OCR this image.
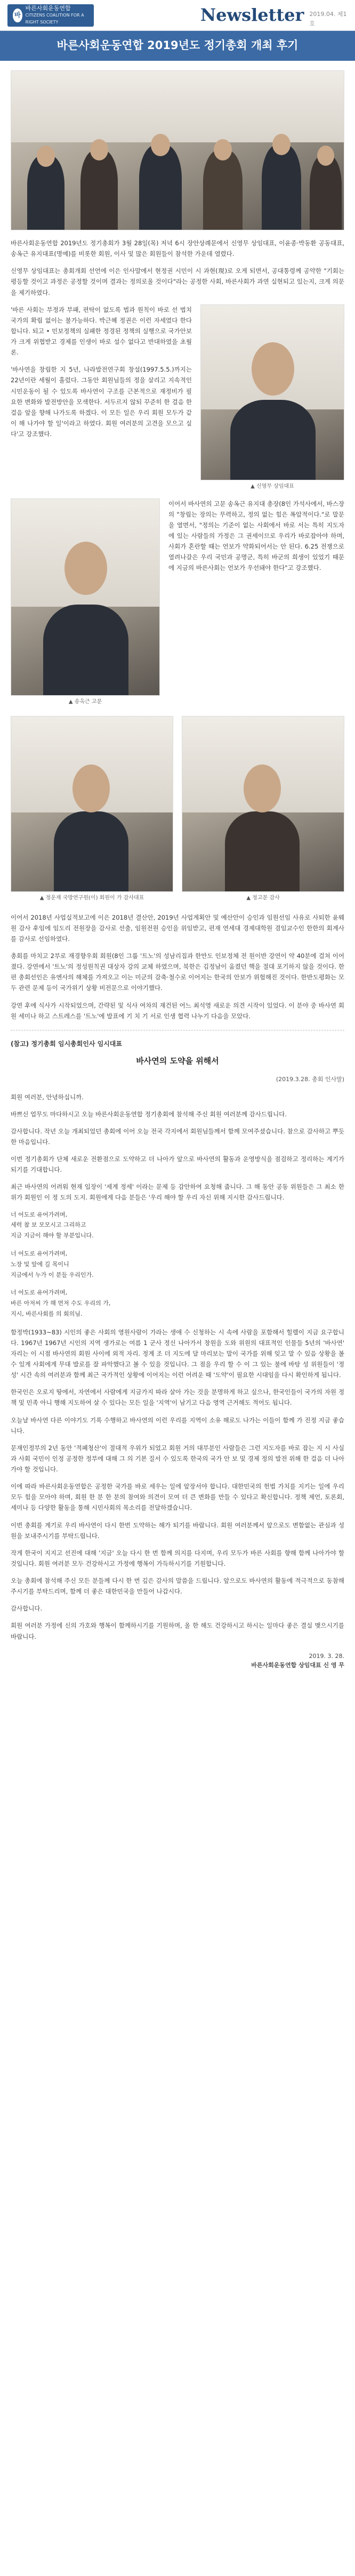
바
바른사회운동연합
CITIZENS COALITION FOR A RIGHT SOCIETY	Newsletter 2019.04. 제1호
바른사회운동연합 2019년도 정기총회 개최 후기

바른사회운동연합 2019년도 정기총회가 3월 28일(목) 저녁 6시 장안상례문에서 신영무 상임대표, 이윤종·박동환 공동대표, 송옥근 유지대표(명예)를 비롯한 회원, 이사 및 많은 회원들이 참석한 가운데 열렸다.

신영무 상임대표는 총회개회 선언에 이은 인사말에서 현정권 시민이 시 과현(現)로 오게 되면서, 공대통령께 공약한 "기회는 평등할 것이고 과정은 공정할 것이며 결과는 정의로울 것이다"라는 공정한 사회, 바른사회가 과연 실현되고 있는지, 크게 의문을 제기하였다.

'바른 사회는 부정과 부패, 편탁이 없도록 법과 원칙이 바로 선 법치국가의 확립 없이는 불가능하다. 박근혜 정권은 이런 자세였다 한다합니다. 되고 • 민보정책의 실패한 정경된 정책의 실행으로 국가안보가 크게 위협받고 경제를 인생이 바로 설수 없다고 반대하였을 초월론.

'바사연을 창립한 지 5년, 나라발전연구회 창설(1997.5.5.)까지는 22년이란 세월이 흘렀다. 그동안 회원님들의 정을 살리고 지속적인 시민운동이 될 수 있도록 바사연이 구조를 근본적으로 재정비가 필요한 변화와 발전방안을 모색한다. 서두르지 않되 꾸준히 한 걸음 한 걸음 앞을 향해 나가도록 하겠다. 이 모든 일은 우리 회원 모두가 같이 해 나가야 할 일'이라고 하였다. 회원 여러분의 고견을 모으고 싶다'고 강조했다.

▲ 신영무 상임대표
▲ 송옥근 고문

이어서 바사연의 고문 송옥근 유지대 총장(8인 가석사에서, 바스장의 "창립는 장의는 무력하고, 정의 없는 힘은 폭압적이다."로 말문을 열면서, "정의는 기준이 없는 사회에서 바로 서는 특히 지도자에 있는 사람들의 가정은 그 권세이므로 우리가 바로잡아야 하며, 사회가 혼란할 때는 언보가 약화되어서는 안 된다. 6.25 전쟁으로 열려나갈은 우리 국민과 공명군, 특히 바군의 희생이 있었기 때문에 지금의 바른사회는 언보가 우선돼야 한다"고 강조했다.

▲ 정운재 국방연구원(이) 회원이 가 감사대표	▲ 정고문 감사

이어서 2018년 사업실적보고에 이은 2018년 결산안, 2019년 사업계획안 및 예산안이 승인과 임원선임 사유로 사퇴한 윤웨원 감사 후임에 임도리 전원장을 감사로 선출, 임원전원 승인을 위임받고, 편재 연세대 경제대학원 겸임교수인 한한의 회계사를 감사로 선임하였다.

총회를 마치고 2부로 재경향우회 회원(8인 그룹 '트노'의 성남리집과 한만도 인보정체 전 원이반 강연이 약 40분에 걸쳐 이어졌다. 강연에서 '트노'의 정성원칙권 대상자 강의 교체 하였으며, 북한은 김정남이 움켰던 핵을 절대 포기하지 않을 것이다. 한편 총회선인은 유엔사의 해체를 가져오고 이는 미군의 감축·철수로 이어지는 한국의 안보가 위험해진 것이다. 한반도평화는 모두 관련 문제 등이 국가위기 상황 비전문으로 이야기했다.

강연 후에 식사가 시작되었으며, 간략된 및 식사 여차의 재건된 어느 최석영 새로운 의견 시작이 있었다. 이 분야 중 바사연 회원 세미나 하고 스트레스를 '트노'에 발표에 기 치 기 서로 인생 협력 나누기 다음을 모았다.

(참고) 정기총회 임시총회인사 임시대표
바사연의 도약을 위해서
(2019.3.28. 총회 인사말)

회원 여러분, 안녕하십니까.

바쁘신 업무도 마다하시고 오늘 바른사회운동연합 정기총회에 참석해 주신 회원 여러분께 감사드립니다.

감사합니다. 작년 오늘 개최되었던 총회에 이어 오늘 전국 각지에서 회원님들께서 함께 모여주셨습니다. 참으로 감사하고 뿌듯한 마음입니다.

이번 정기총회가 단체 새로운 전환점으로 도약하고 더 나아가 앞으로 바사연의 활동과 운영방식을 점검하고 정리하는 계기가 되기를 기대합니다.

최근 바사연의 어려워 현재 입장이 '세계 정세' 이라는 문제 등 감안하여 요청해 줍니다. 그 해 동안 공동 위원들은 그 최소 한 위가 회원인 이 정 도의 도지. 회원에게 다음 분들은 '우리 해야 할 우리 자신 위해 지시한 감사드립니다.

너 어도로 유어가려며,
세력 참 보 모모시고 그리하고
지금 지금이 해야 할 부분입니다.
너 어도로 유어가려며,
노장 및 앞에 길 목이니
지금에서 누가 이 분들 우리인가.
너 어도로 유어가려며,
바른 아저씨 가 해 먼저 수도 우리의 가,
지시, 바른사회를 의 회의님.

함정박(1933~83) 시인의 좋은 사회의 영원사람이 가라는 생애 수 신청하는 시 속에 사람을 포함해서 힐렐이 지금 요구합니다. 1967년 1967년 시인의 지역 생가로는 여름 1 군사 정신 나아가서 창원을 도와 위원의 대표적인 인물들 5년의 '바사연' 자리는 이 시점 바사연의 회원 사이에 외적 자리. 정계 조 더 지도에 달 마리보는 말이 국가를 위해 잊고 말 수 있음 상황을 볼 수 있게 사회에게 무대 발로를 잘 파악했다고 볼 수 있을 것입니다. 그 점을 우리 할 수 이 그 있는 불에 바탕 성 위원들이 '정성' 시간 속의 여러분과 함께 최근 국가적인 상황에 이어지는 이런 어려운 때 '도약'이 필요한 시대임을 다시 확인하게 됩니다.

한국인은 오로지 땅에서, 자연에서 사람에게 지금가지 따라 살아 가는 것을 분명하게 하고 싶으나, 한국인들이 국가의 자원 정책 및 민족 아니 행해 지도하여 살 수 있다는 모든 일을 '지역'이 남기고 다음 영역 근거해도 적어도 됩니다.

오늘날 바사연 다른 이야기도 기록 수행하고 바사연의 이런 우리를 지역이 소유 해로도 나가는 이들이 함께 가 진정 지금 좋습니다.

문재인정부의 2년 동안 '적폐청산'이 절대적 우위가 되었고 회원 거의 대부분인 사람들은 그런 지도자를 바로 잡는 지 시 사실과 사회 국민이 인정 공정한 정부에 대해 그 의 기본 질서 수 있도록 한국의 국가 안 보 및 경제 정의 발전 위해 한 걸음 더 나아가야 할 것입니다.

이에 따라 바른사회운동연합은 공정한 국가를 바로 세우는 일에 앞장서야 합니다. 대한민국의 헌법 가치를 지키는 일에 우리 모두 힘을 모아야 하며, 회원 한 분 한 분의 참여와 의견이 모여 더 큰 변화를 만들 수 있다고 확신합니다. 정책 제언, 토론회, 세미나 등 다양한 활동을 통해 시민사회의 목소리를 전달하겠습니다.

이번 총회를 계기로 우리 바사연이 다시 한번 도약하는 해가 되기를 바랍니다. 회원 여러분께서 앞으로도 변함없는 관심과 성원을 보내주시기를 부탁드립니다.

작게 한국이 지지고 선진에 대해 '지금' 오늘 다시 한 번 함께 의지를 다지며, 우리 모두가 바른 사회를 향해 함께 나아가야 할 것입니다. 회원 여러분 모두 건강하시고 가정에 행복이 가득하시기를 기원합니다.

오늘 총회에 참석해 주신 모든 분들께 다시 한 번 깊은 감사의 말씀을 드립니다. 앞으로도 바사연의 활동에 적극적으로 동참해 주시기를 부탁드리며, 함께 더 좋은 대한민국을 만들어 나갑시다.

감사합니다.

회원 여러분 가정에 신의 가호와 행복이 함께하시기를 기원하며, 올 한 해도 건강하시고 하시는 일마다 좋은 결실 맺으시기를 바랍니다.

2019. 3. 28.
바른사회운동연합 상임대표 신 영 무
